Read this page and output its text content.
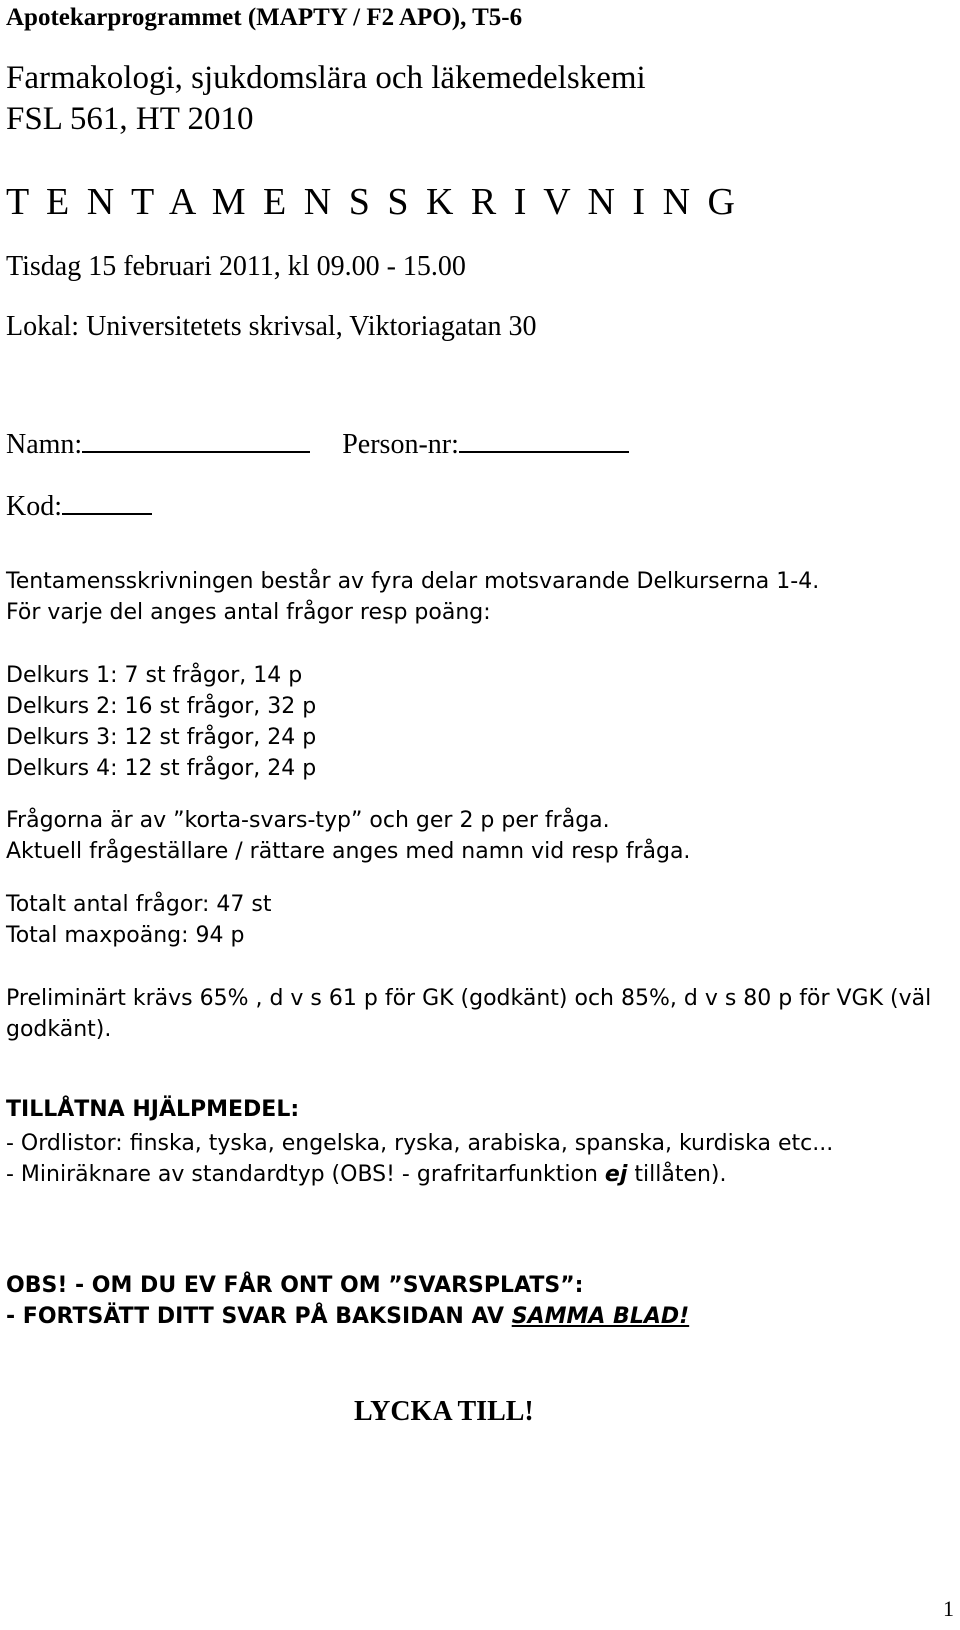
Apotekarprogrammet (MAPTY / F2 APO), T5-6
Farmakologi, sjukdomslära och läkemedelskemi
FSL 561, HT 2010
T E N T A M E N S S K R I V N I N G
Tisdag 15 februari 2011, kl 09.00 - 15.00
Lokal: Universitetets skrivsal, Viktoriagatan 30
Namn:	Person-nr:
Kod:
Tentamensskrivningen består av fyra delar motsvarande Delkurserna 1-4.
För varje del anges antal frågor resp poäng:
Delkurs 1: 7 st frågor, 14 p
Delkurs 2: 16 st frågor, 32 p
Delkurs 3: 12 st frågor, 24 p
Delkurs 4: 12 st frågor, 24 p
Frågorna är av ”korta-svars-typ” och ger 2 p per fråga.
Aktuell frågeställare / rättare anges med namn vid resp fråga.
Totalt antal frågor: 47 st
Total maxpoäng: 94 p
Preliminärt krävs 65% , d v s 61 p för GK (godkänt) och 85%, d v s 80 p för VGK (väl godkänt).
TILLÅTNA HJÄLPMEDEL:
- Ordlistor: finska, tyska, engelska, ryska, arabiska, spanska, kurdiska etc...
- Miniräknare av standardtyp (OBS! - grafritarfunktion ej tillåten).
OBS! - OM DU EV FÅR ONT OM ”SVARSPLATS”:
- FORTSÄTT DITT SVAR PÅ BAKSIDAN AV SAMMA BLAD!
LYCKA TILL!
1
